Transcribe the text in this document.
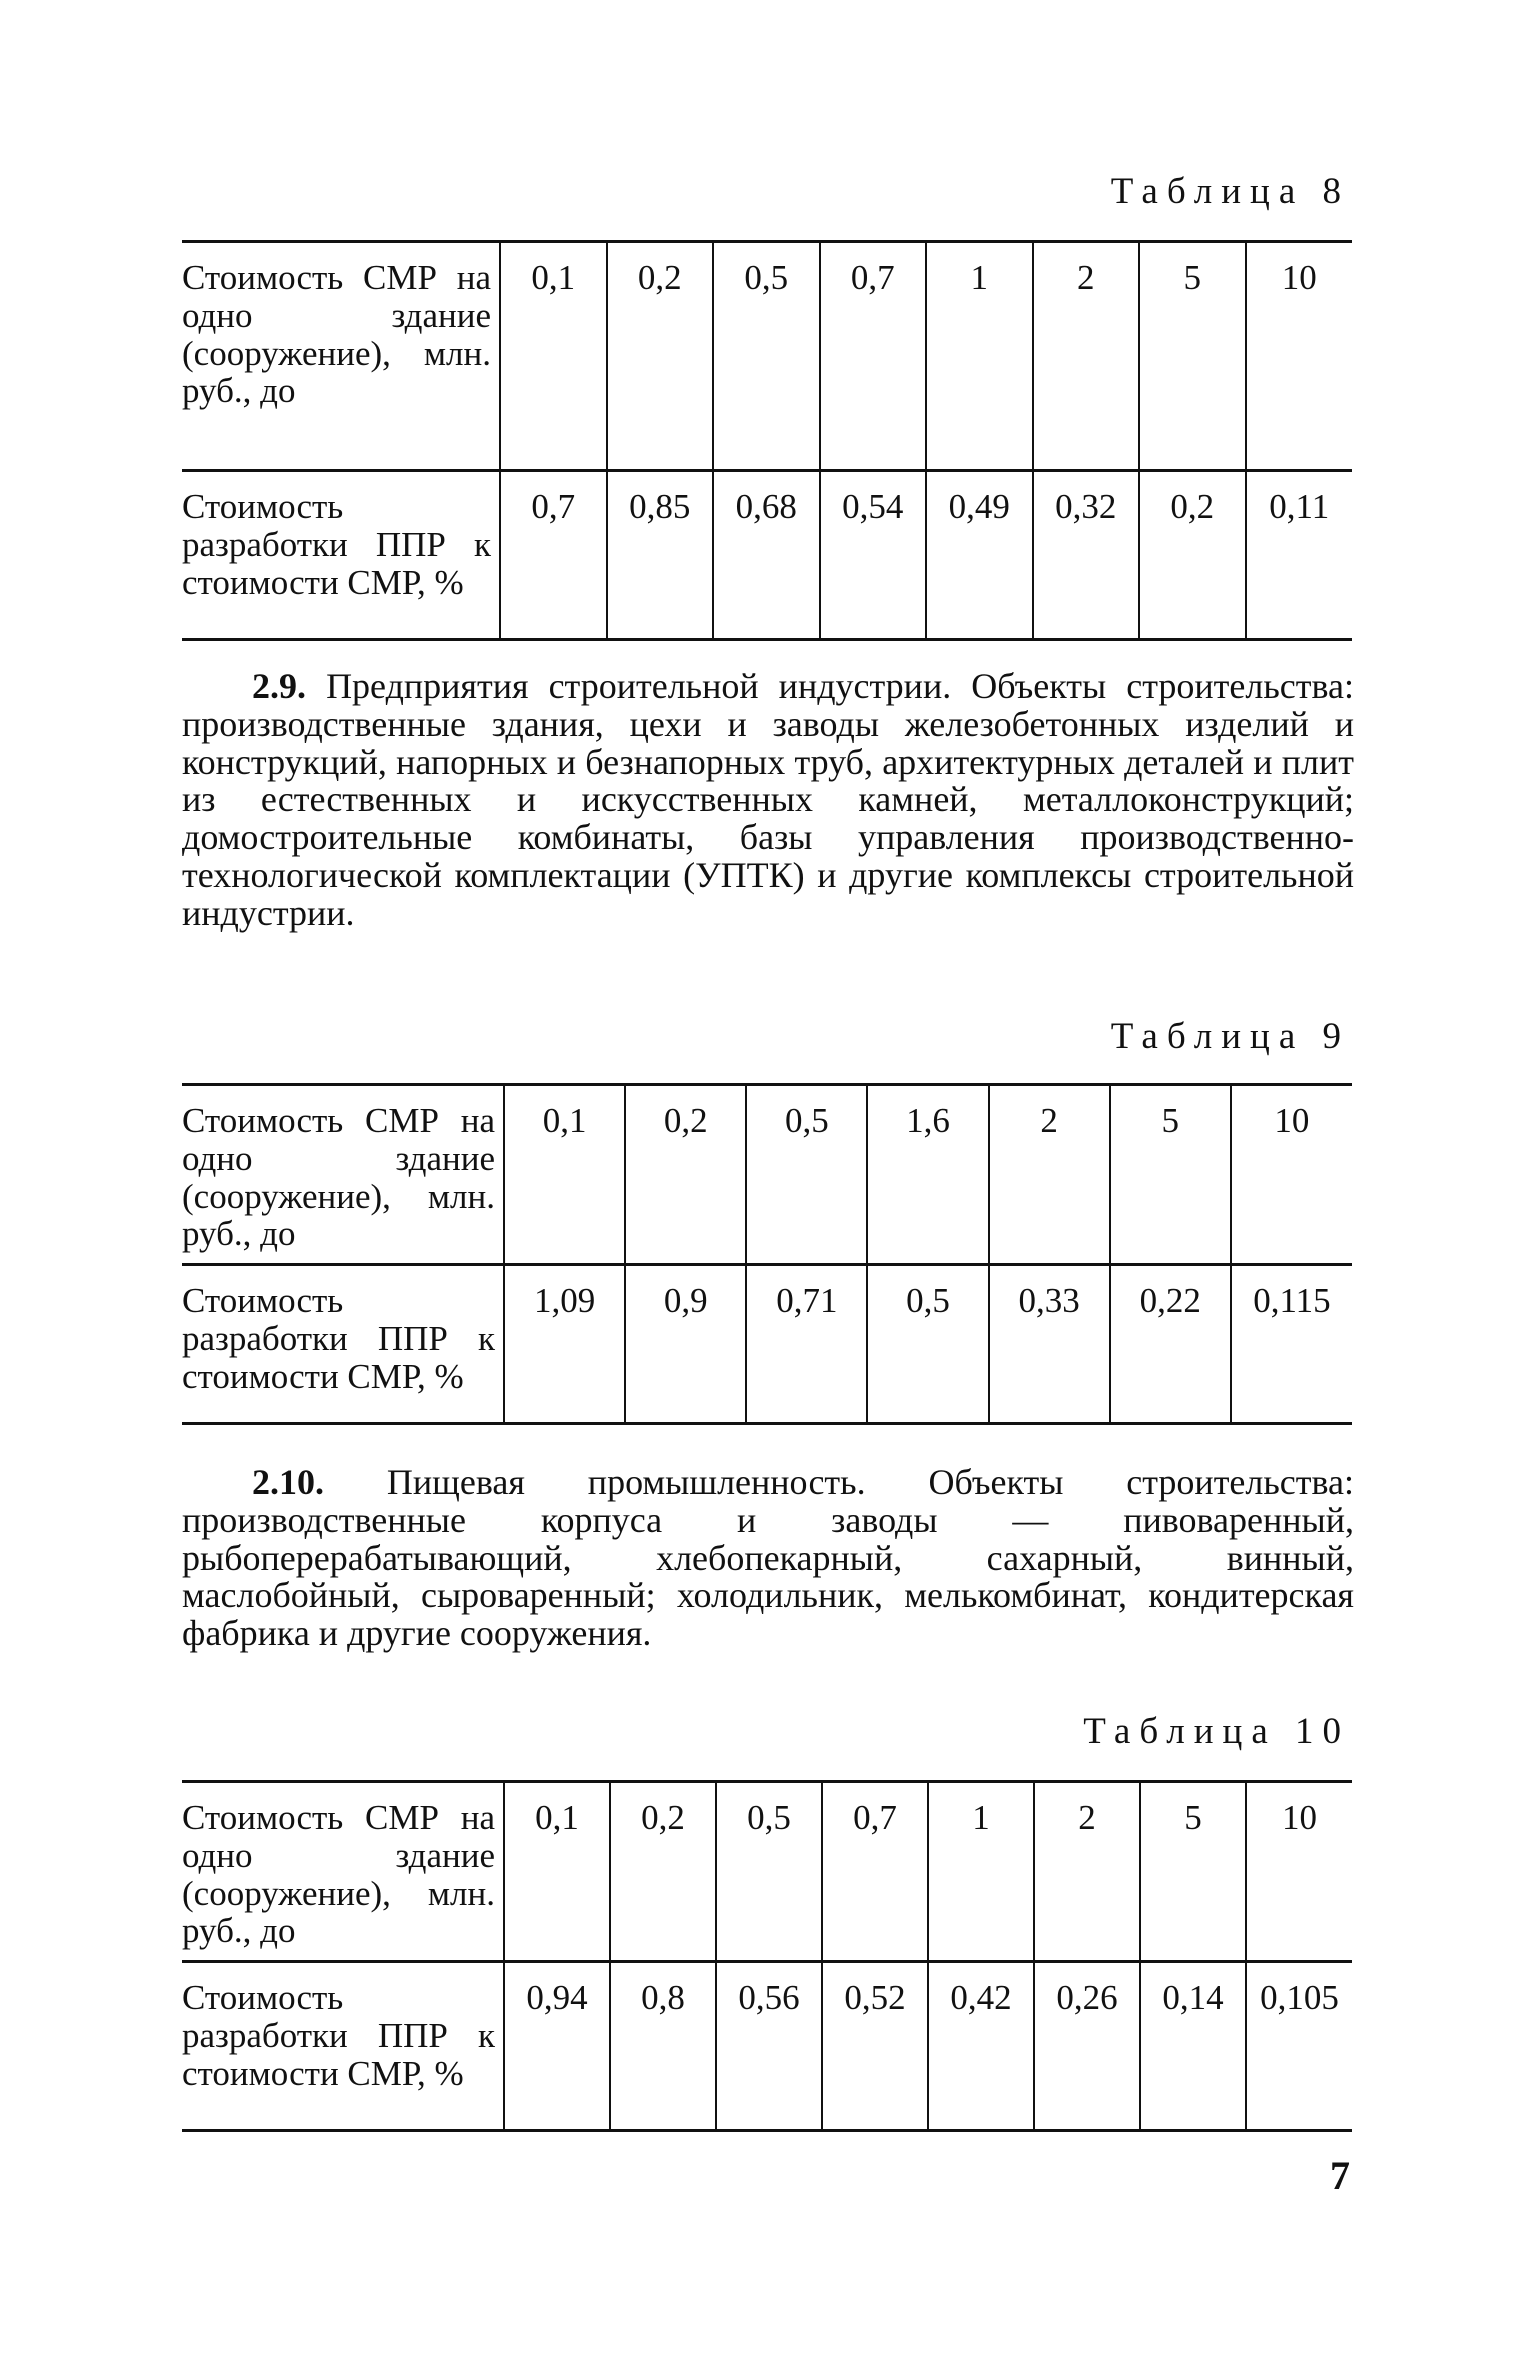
Таблица 8
Стоимость СМР на одно здание (сооружение), млн. руб., до	0,1	0,2	0,5	0,7	1	2	5	10
Стоимость разработки ППР к стоимости СМР, %	0,7	0,85	0,68	0,54	0,49	0,32	0,2	0,11
2.9. Предприятия строительной индустрии. Объекты строительства: производственные здания, цехи и заводы железобетонных изделий и конструкций, напорных и безнапорных труб, архитектурных деталей и плит из естественных и искусственных камней, металлоконструкций; домостроительные комбинаты, базы управления производственно-технологической комплектации (УПТК) и другие комплексы строительной индустрии.
Таблица 9
Стоимость СМР на одно здание (сооружение), млн. руб., до	0,1	0,2	0,5	1,6	2	5	10
Стоимость разработки ППР к стоимости СМР, %	1,09	0,9	0,71	0,5	0,33	0,22	0,115
2.10. Пищевая промышленность. Объекты строительства: производственные корпуса и заводы — пивоваренный, рыбоперерабатывающий, хлебопекарный, сахарный, винный, маслобойный, сыроваренный; холодильник, мелькомбинат, кондитерская фабрика и другие сооружения.
Таблица 10
Стоимость СМР на одно здание (сооружение), млн. руб., до	0,1	0,2	0,5	0,7	1	2	5	10
Стоимость разработки ППР к стоимости СМР, %	0,94	0,8	0,56	0,52	0,42	0,26	0,14	0,105
7
